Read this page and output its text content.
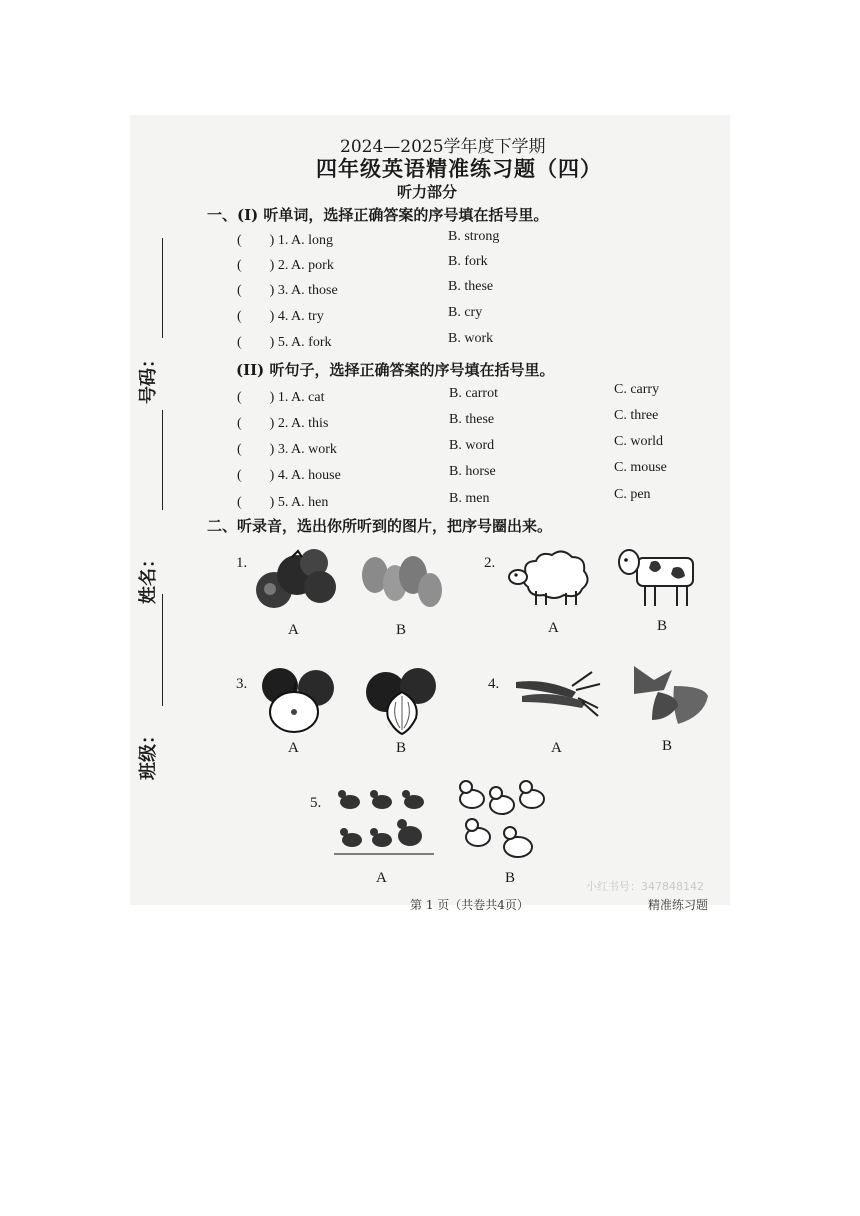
2024—2025学年度下学期
四年级英语精准练习题（四）
听力部分
号码：
姓名：
班级：
一、(I) 听单词，选择正确答案的序号填在括号里。
(　　) 1. A. long	B. strong
(　　) 2. A. pork	B. fork
(　　) 3. A. those	B. these
(　　) 4. A. try	B. cry
(　　) 5. A. fork	B. work
(II) 听句子，选择正确答案的序号填在括号里。
(　　) 1. A. cat	B. carrot	C. carry
(　　) 2. A. this	B. these	C. three
(　　) 3. A. work	B. word	C. world
(　　) 4. A. house	B. horse	C. mouse
(　　) 5. A. hen	B. men	C. pen
二、听录音，选出你所听到的图片，把序号圈出来。
1.
A	B
2.
A	B
3.
A	B
4.
A	B
5.
A	B
小红书号：347848142
第 1 页（共卷共4页）	精准练习题
